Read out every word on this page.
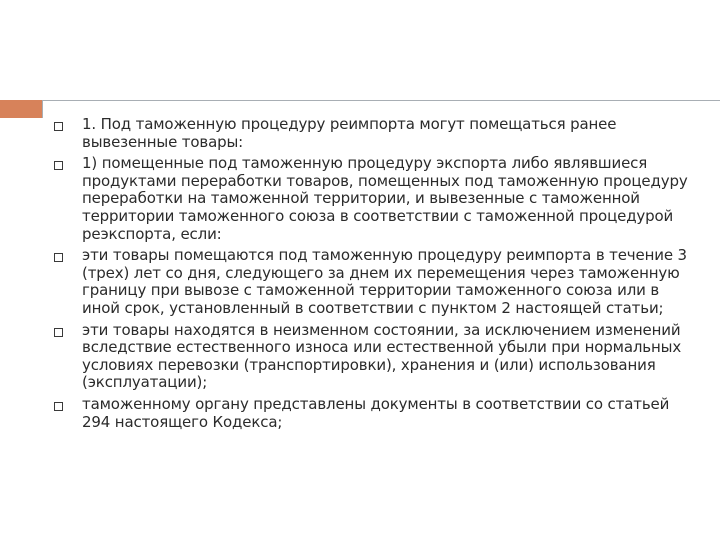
1. Под таможенную процедуру реимпорта могут помещаться ранее вывезенные товары:
1) помещенные под таможенную процедуру экспорта либо являвшиеся продуктами переработки товаров, помещенных под таможенную процедуру переработки на таможенной территории, и вывезенные с таможенной территории таможенного союза в соответствии с таможенной процедурой реэкспорта, если:
эти товары помещаются под таможенную процедуру реимпорта в течение 3 (трех) лет со дня, следующего за днем их перемещения через таможенную границу при вывозе с таможенной территории таможенного союза или в иной срок, установленный в соответствии с пунктом 2 настоящей статьи;
эти товары находятся в неизменном состоянии, за исключением изменений вследствие естественного износа или естественной убыли при нормальных условиях перевозки (транспортировки), хранения и (или) использования (эксплуатации);
таможенному органу представлены документы в соответствии со статьей 294 настоящего Кодекса;
